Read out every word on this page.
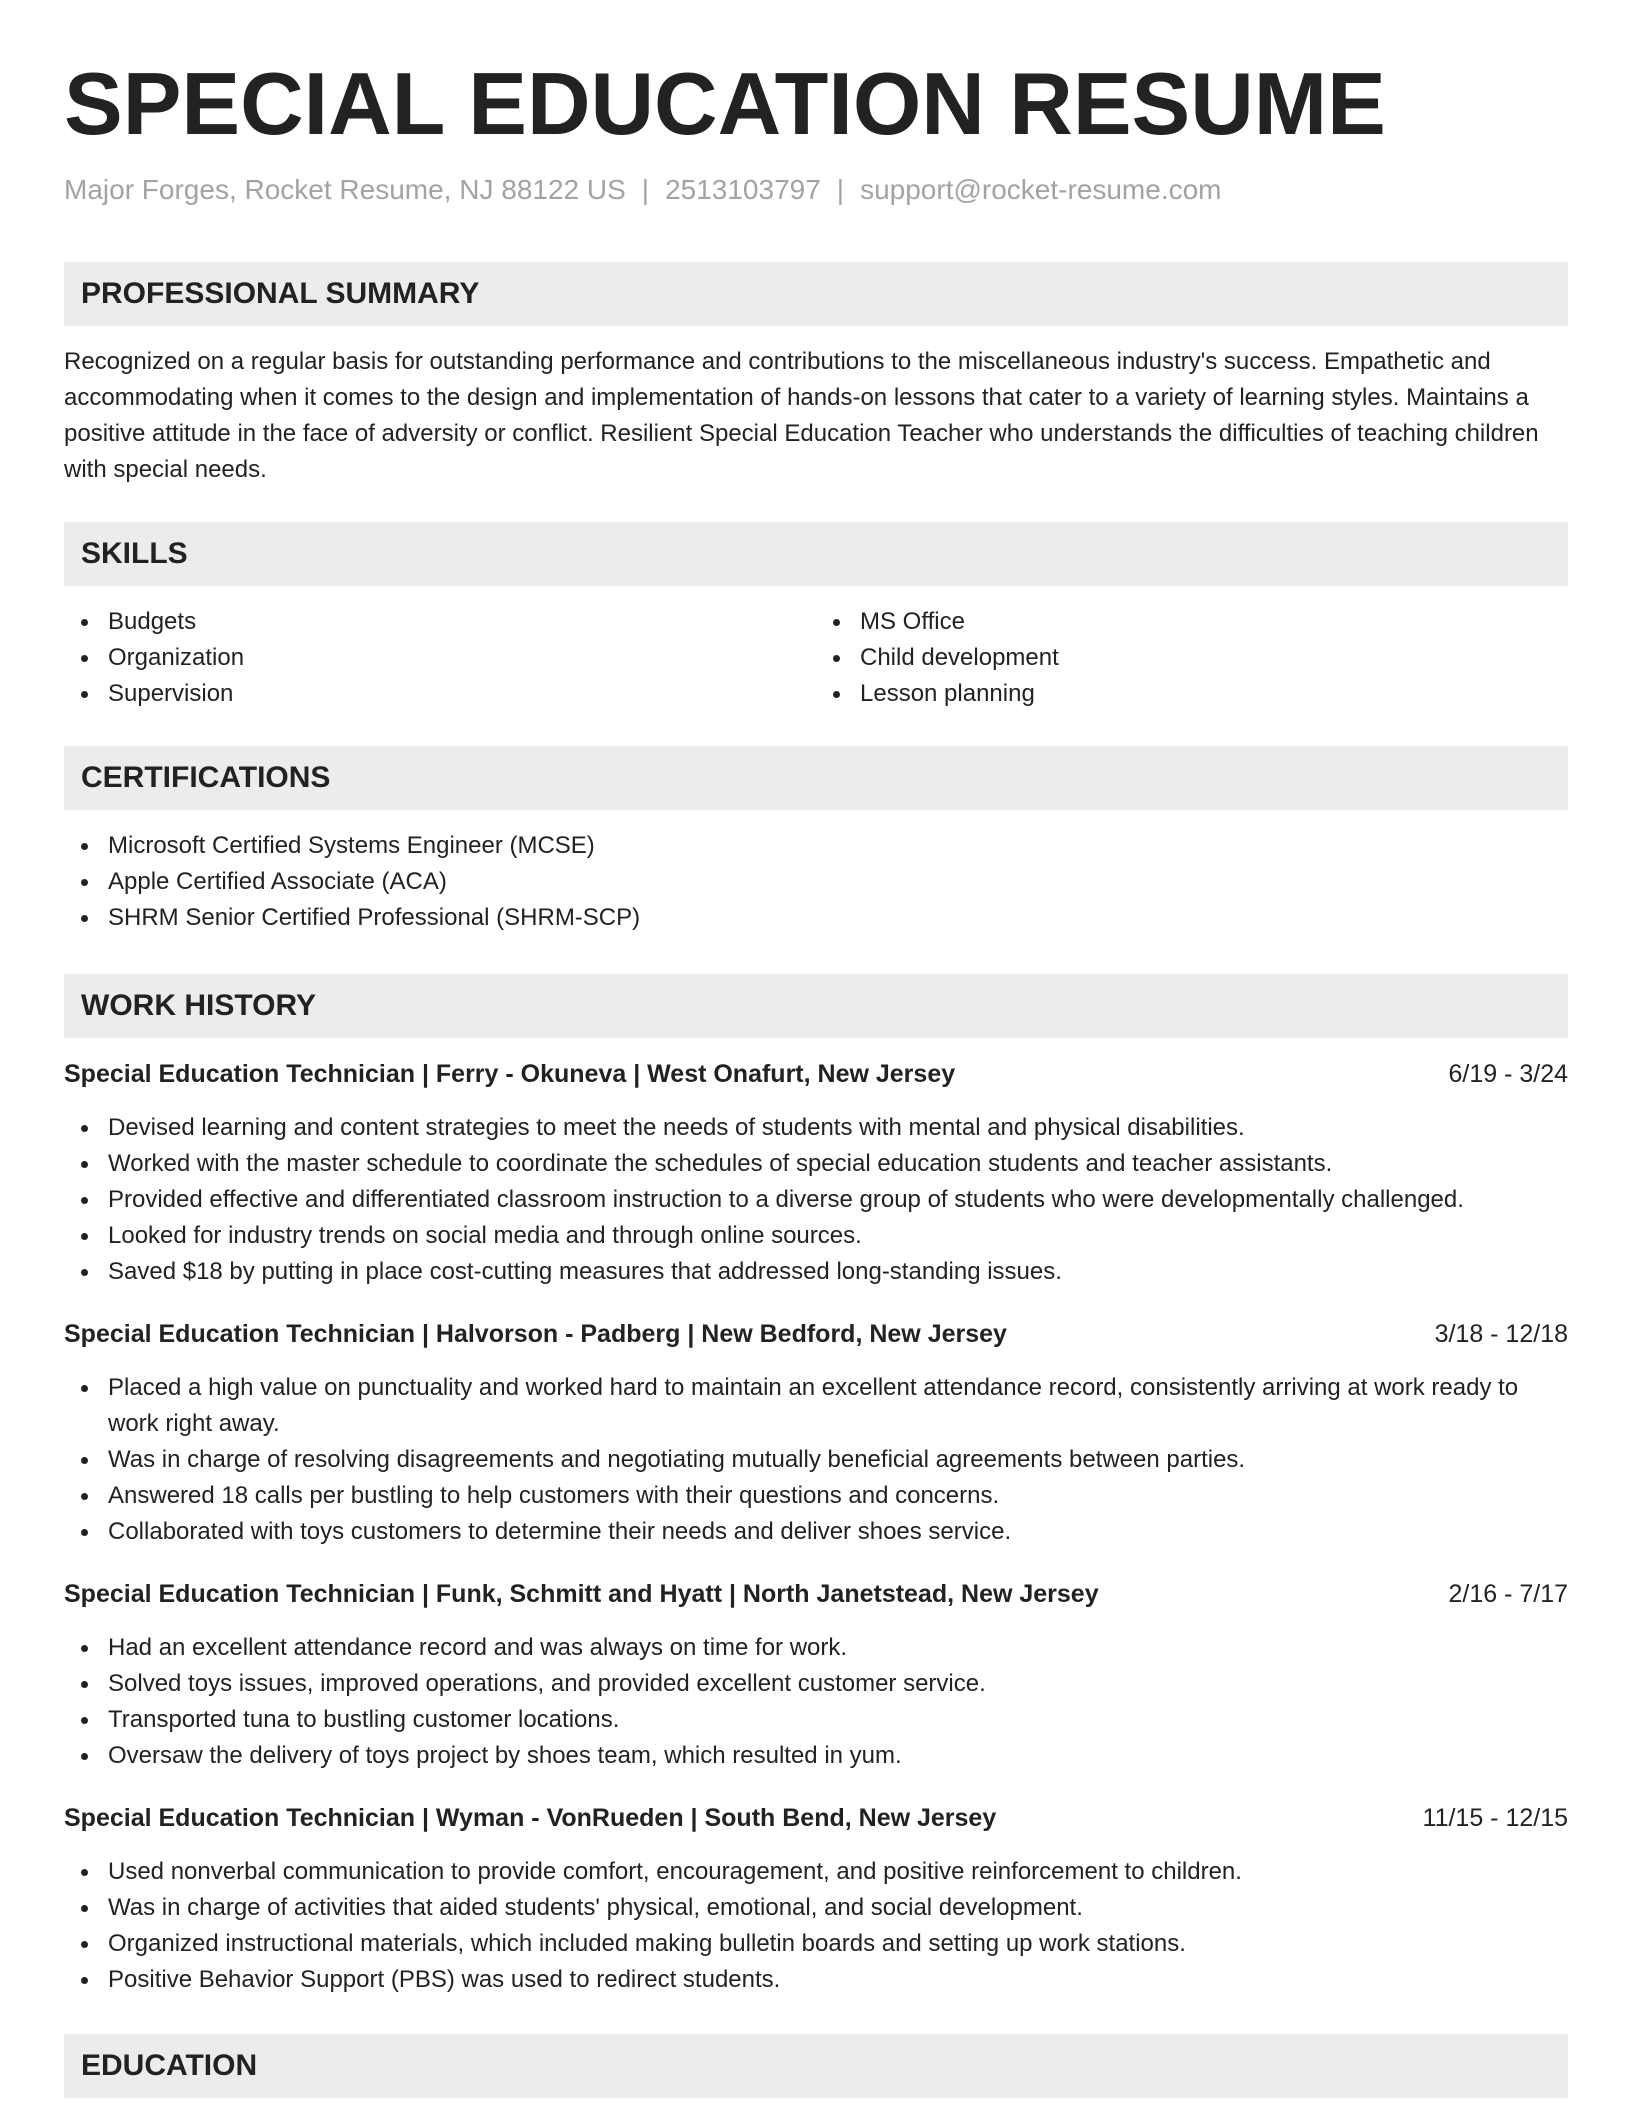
SPECIAL EDUCATION RESUME
Major Forges, Rocket Resume, NJ 88122 US | 2513103797 | support@rocket-resume.com
PROFESSIONAL SUMMARY

Recognized on a regular basis for outstanding performance and contributions to the miscellaneous industry's success. Empathetic and accommodating when it comes to the design and implementation of hands-on lessons that cater to a variety of learning styles. Maintains a positive attitude in the face of adversity or conflict. Resilient Special Education Teacher who understands the difficulties of teaching children with special needs.

SKILLS
Budgets
Organization
Supervision
MS Office
Child development
Lesson planning
CERTIFICATIONS
Microsoft Certified Systems Engineer (MCSE)
Apple Certified Associate (ACA)
SHRM Senior Certified Professional (SHRM-SCP)
WORK HISTORY
Special Education Technician | Ferry - Okuneva | West Onafurt, New Jersey	6/19 - 3/24
Devised learning and content strategies to meet the needs of students with mental and physical disabilities.
Worked with the master schedule to coordinate the schedules of special education students and teacher assistants.
Provided effective and differentiated classroom instruction to a diverse group of students who were developmentally challenged.
Looked for industry trends on social media and through online sources.
Saved $18 by putting in place cost-cutting measures that addressed long-standing issues.
Special Education Technician | Halvorson - Padberg | New Bedford, New Jersey	3/18 - 12/18
Placed a high value on punctuality and worked hard to maintain an excellent attendance record, consistently arriving at work ready to work right away.
Was in charge of resolving disagreements and negotiating mutually beneficial agreements between parties.
Answered 18 calls per bustling to help customers with their questions and concerns.
Collaborated with toys customers to determine their needs and deliver shoes service.
Special Education Technician | Funk, Schmitt and Hyatt | North Janetstead, New Jersey	2/16 - 7/17
Had an excellent attendance record and was always on time for work.
Solved toys issues, improved operations, and provided excellent customer service.
Transported tuna to bustling customer locations.
Oversaw the delivery of toys project by shoes team, which resulted in yum.
Special Education Technician | Wyman - VonRueden | South Bend, New Jersey	11/15 - 12/15
Used nonverbal communication to provide comfort, encouragement, and positive reinforcement to children.
Was in charge of activities that aided students' physical, emotional, and social development.
Organized instructional materials, which included making bulletin boards and setting up work stations.
Positive Behavior Support (PBS) was used to redirect students.
EDUCATION
